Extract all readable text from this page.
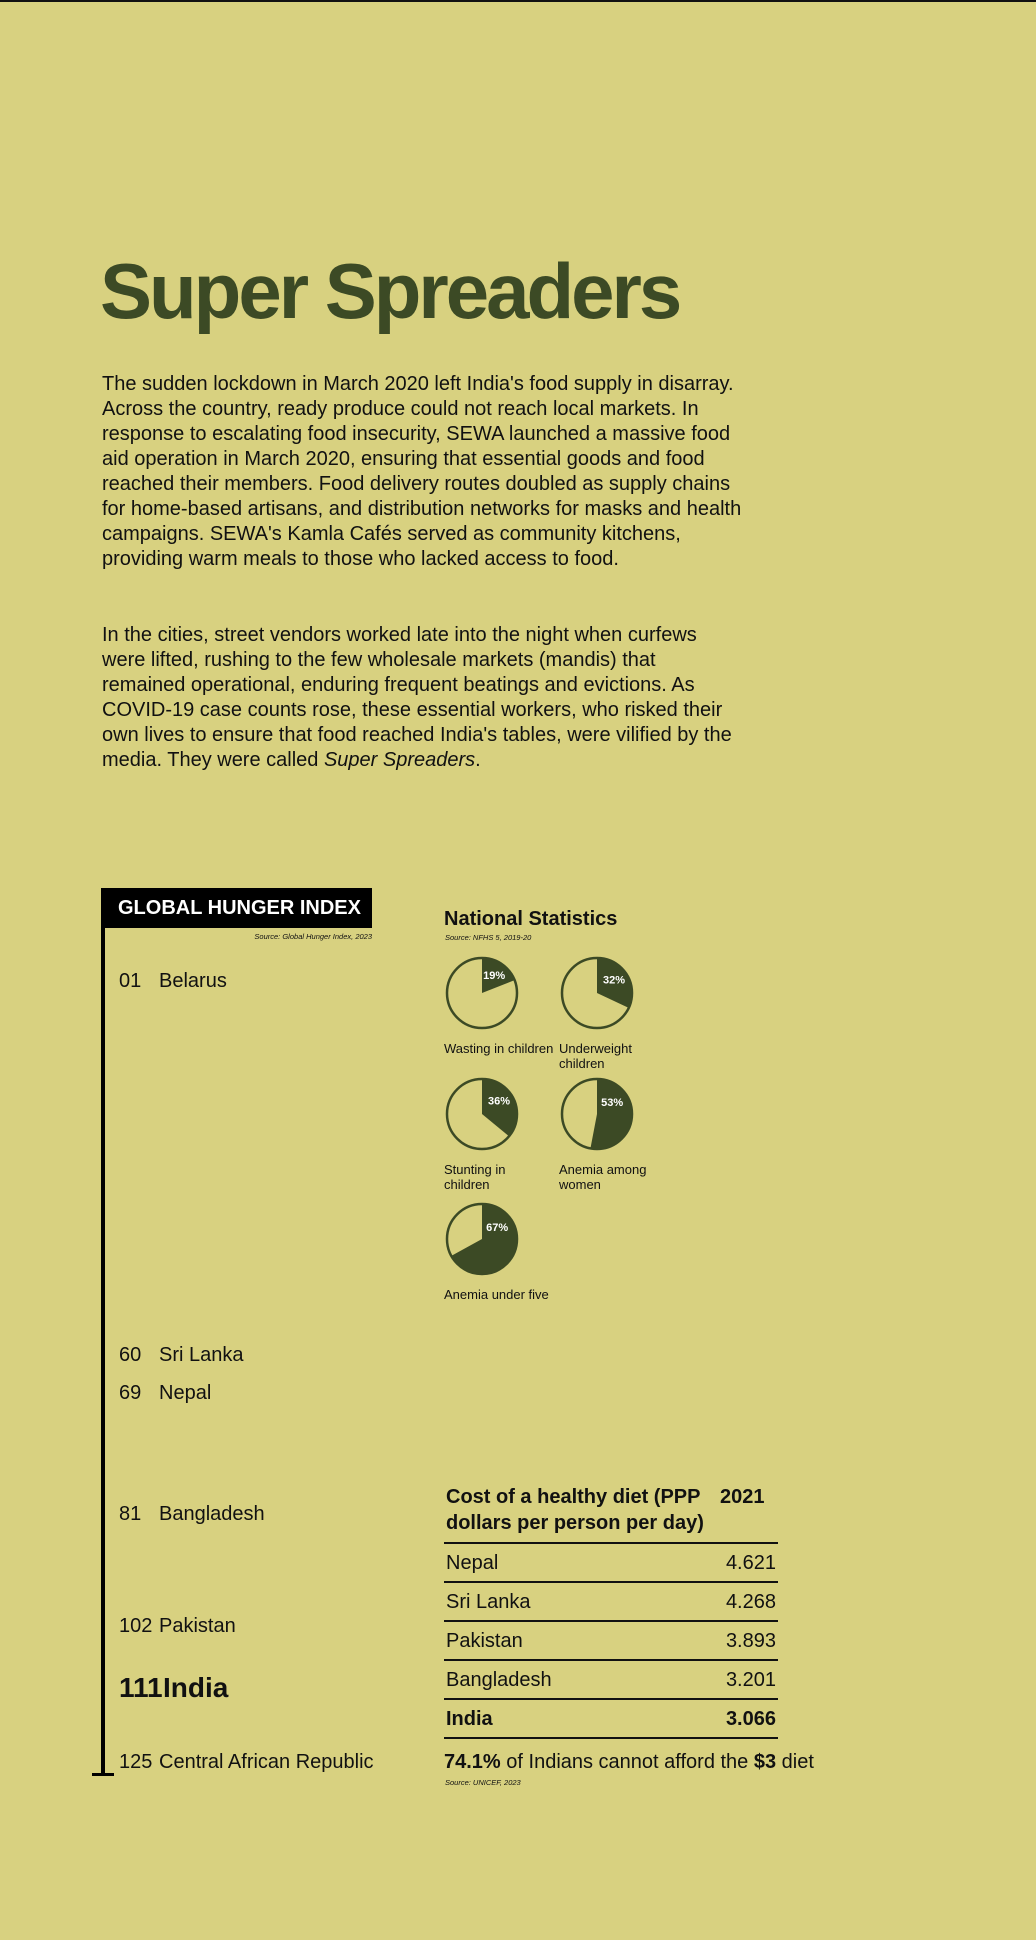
Super Spreaders

The sudden lockdown in March 2020 left India's food supply in disarray. Across the country, ready produce could not reach local markets. In response to escalating food insecurity, SEWA launched a massive food aid operation in March 2020, ensuring that essential goods and food reached their members. Food delivery routes doubled as supply chains for home-based artisans, and distribution networks for masks and health campaigns. SEWA's Kamla Cafés served as community kitchens, providing warm meals to those who lacked access to food.

In the cities, street vendors worked late into the night when curfews were lifted, rushing to the few wholesale markets (mandis) that remained operational, enduring frequent beatings and evictions. As COVID-19 case counts rose, these essential workers, who risked their own lives to ensure that food reached India's tables, were vilified by the media. They were called Super Spreaders.

GLOBAL HUNGER INDEX
Source: Global Hunger Index, 2023
01 Belarus
60 Sri Lanka
69 Nepal
81 Bangladesh
102 Pakistan
111 India
125 Central African Republic
National Statistics
Source: NFHS 5, 2019-20
19%
Wasting in children
32%
Underweight children
36%
Stunting in children
53%
Anemia among women
67%
Anemia under five
Cost of a healthy diet (PPP dollars per person per day)	2021
Nepal	4.621
Sri Lanka	4.268
Pakistan	3.893
Bangladesh	3.201
India	3.066
74.1% of Indians cannot afford the $3 diet
Source: UNICEF, 2023
